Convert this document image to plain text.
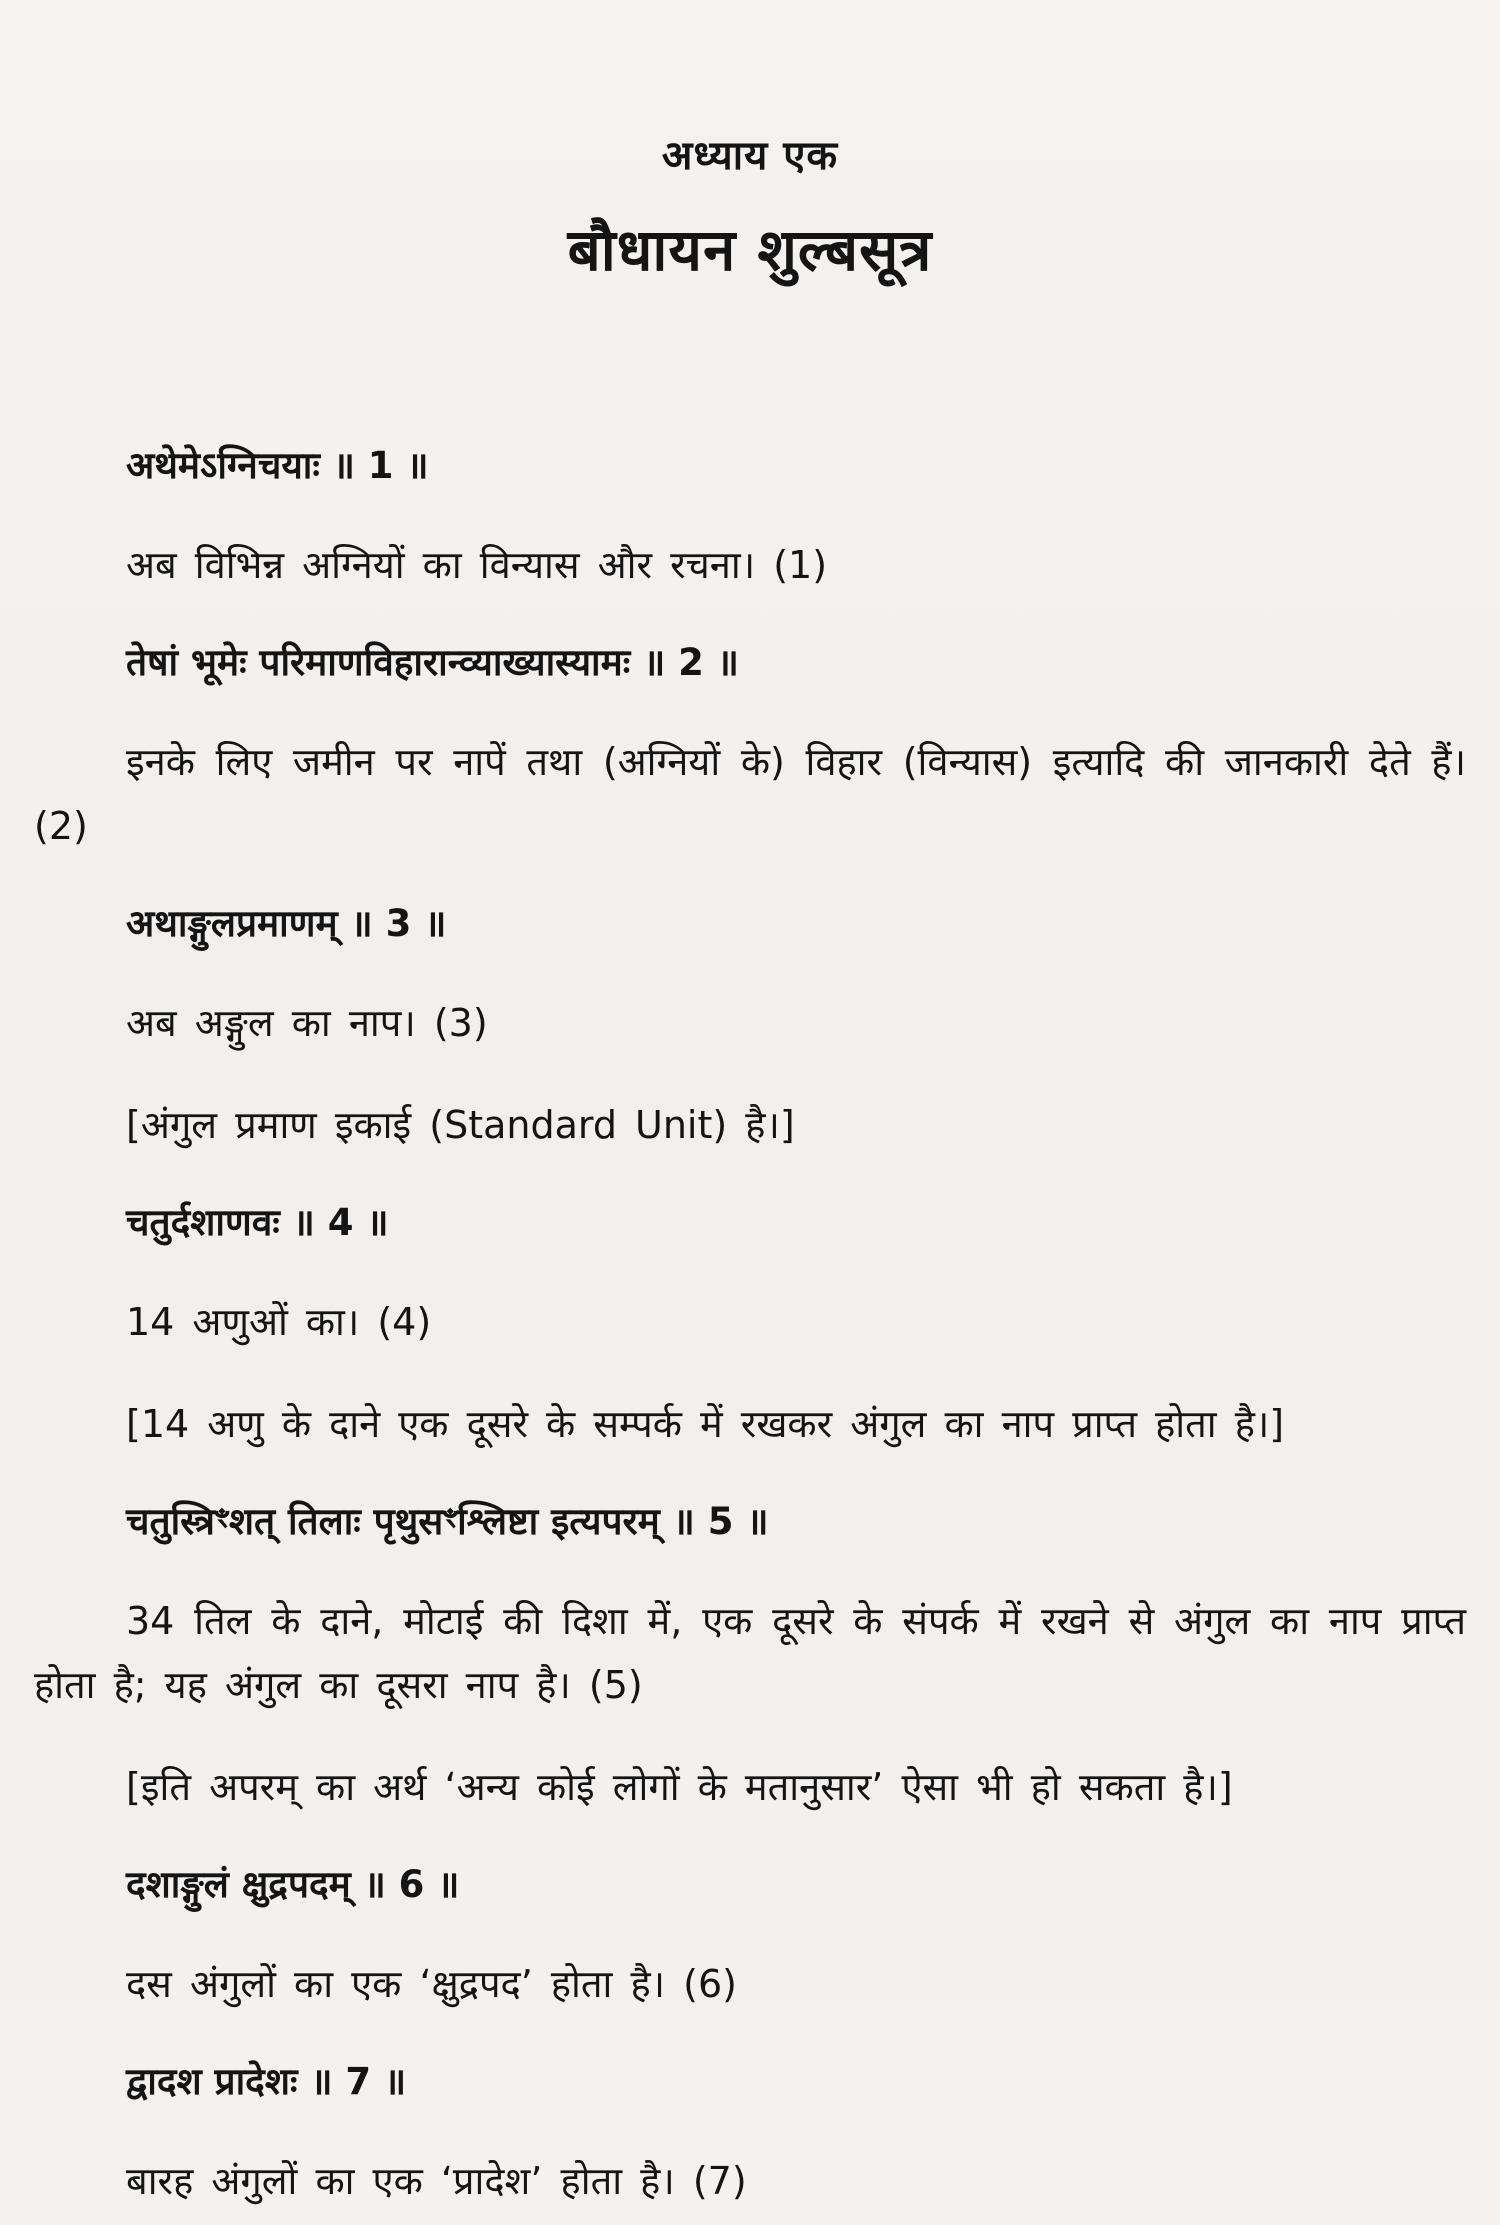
अध्याय एक
बौधायन शुल्बसूत्र

अथेमेऽग्निचयाः ॥ 1 ॥

अब विभिन्न अग्नियों का विन्यास और रचना। (1)

तेषां भूमेः परिमाणविहारान्व्याख्यास्यामः ॥ 2 ॥

इनके लिए जमीन पर नापें तथा (अग्नियों के) विहार (विन्यास) इत्यादि की जानकारी देते हैं। (2)

अथाङ्गुलप्रमाणम् ॥ 3 ॥

अब अङ्गुल का नाप। (3)

[अंगुल प्रमाण इकाई (Standard Unit) है।]

चतुर्दशाणवः ॥ 4 ॥

14 अणुओं का। (4)

[14 अणु के दाने एक दूसरे के सम्पर्क में रखकर अंगुल का नाप प्राप्त होता है।]

चतुस्त्रिꣳशत् तिलाः पृथुसꣳश्लिष्टा इत्यपरम् ॥ 5 ॥

34 तिल के दाने, मोटाई की दिशा में, एक दूसरे के संपर्क में रखने से अंगुल का नाप प्राप्त होता है; यह अंगुल का दूसरा नाप है। (5)

[इति अपरम् का अर्थ ‘अन्य कोई लोगों के मतानुसार’ ऐसा भी हो सकता है।]

दशाङ्गुलं क्षुद्रपदम् ॥ 6 ॥

दस अंगुलों का एक ‘क्षुद्रपद’ होता है। (6)

द्वादश प्रादेशः ॥ 7 ॥

बारह अंगुलों का एक ‘प्रादेश’ होता है। (7)
